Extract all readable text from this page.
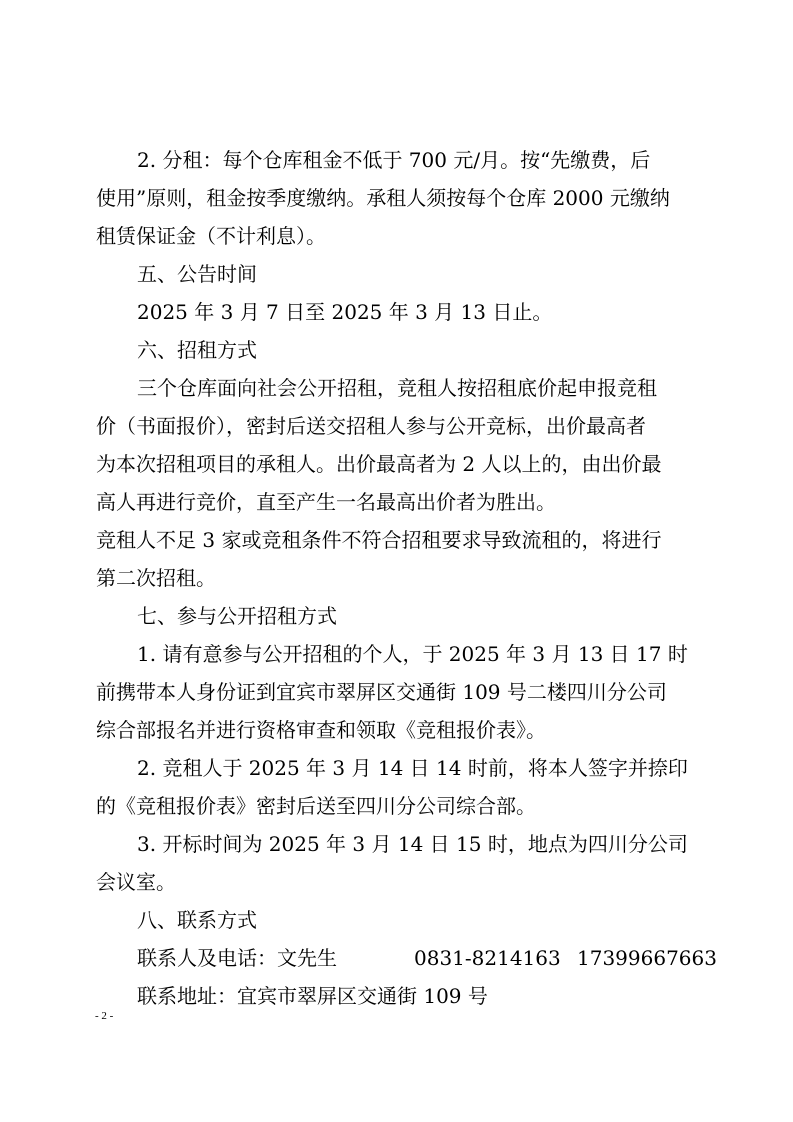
2. 分租：每个仓库租金不低于 700 元/月。按“先缴费，后
使用”原则，租金按季度缴纳。承租人须按每个仓库 2000 元缴纳
租赁保证金（不计利息）。
五、公告时间
2025 年 3 月 7 日至 2025 年 3 月 13 日止。
六、招租方式
三个仓库面向社会公开招租，竞租人按招租底价起申报竞租
价（书面报价），密封后送交招租人参与公开竞标，出价最高者
为本次招租项目的承租人。出价最高者为 2 人以上的，由出价最
高人再进行竞价，直至产生一名最高出价者为胜出。
竞租人不足 3 家或竞租条件不符合招租要求导致流租的，将进行
第二次招租。
七、参与公开招租方式
1. 请有意参与公开招租的个人，于 2025 年 3 月 13 日 17 时
前携带本人身份证到宜宾市翠屏区交通街 109 号二楼四川分公司
综合部报名并进行资格审查和领取《竞租报价表》。
2. 竞租人于 2025 年 3 月 14 日 14 时前，将本人签字并捺印
的《竞租报价表》密封后送至四川分公司综合部。
3. 开标时间为 2025 年 3 月 14 日 15 时，地点为四川分公司
会议室。
八、联系方式
联系人及电话：文先生	0831-8214163 17399667663
联系地址：宜宾市翠屏区交通街 109 号
- 2 -
